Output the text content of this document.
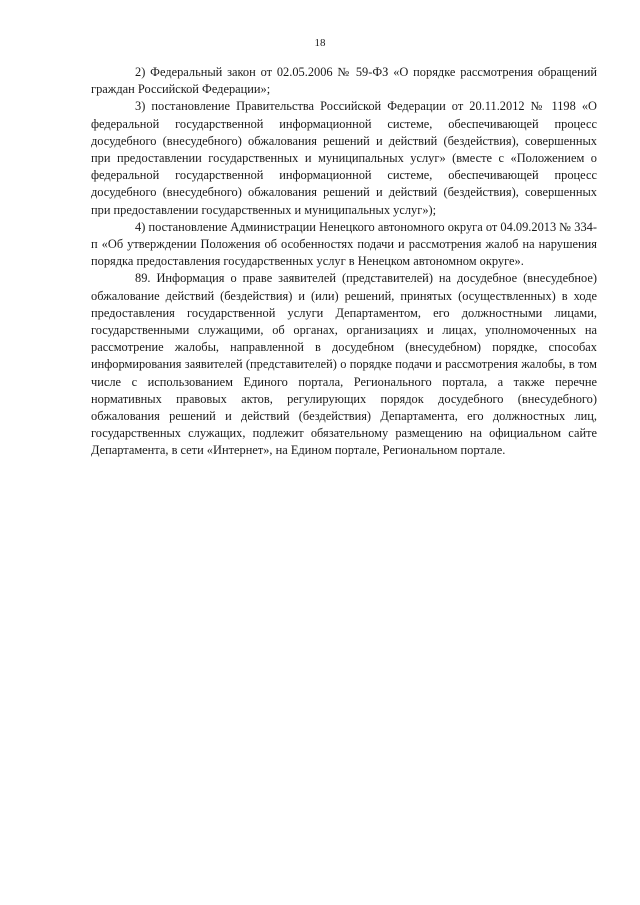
18

2) Федеральный закон от 02.05.2006 № 59-ФЗ «О порядке рассмотрения обращений граждан Российской Федерации»;

3) постановление Правительства Российской Федерации от 20.11.2012 № 1198 «О федеральной государственной информационной системе, обеспечивающей процесс досудебного (внесудебного) обжалования решений и действий (бездействия), совершенных при предоставлении государственных и муниципальных услуг» (вместе с «Положением о федеральной государственной информационной системе, обеспечивающей процесс досудебного (внесудебного) обжалования решений и действий (бездействия), совершенных при предоставлении государственных и муниципальных услуг»);

4) постановление Администрации Ненецкого автономного округа от 04.09.2013 № 334-п «Об утверждении Положения об особенностях подачи и рассмотрения жалоб на нарушения порядка предоставления государственных услуг в Ненецком автономном округе».

89. Информация о праве заявителей (представителей) на досудебное (внесудебное) обжалование действий (бездействия) и (или) решений, принятых (осуществленных) в ходе предоставления государственной услуги Департаментом, его должностными лицами, государственными служащими, об органах, организациях и лицах, уполномоченных на рассмотрение жалобы, направленной в досудебном (внесудебном) порядке, способах информирования заявителей (представителей) о порядке подачи и рассмотрения жалобы, в том числе с использованием Единого портала, Регионального портала, а также перечне нормативных правовых актов, регулирующих порядок досудебного (внесудебного) обжалования решений и действий (бездействия) Департамента, его должностных лиц, государственных служащих, подлежит обязательному размещению на официальном сайте Департамента, в сети «Интернет», на Едином портале, Региональном портале.
